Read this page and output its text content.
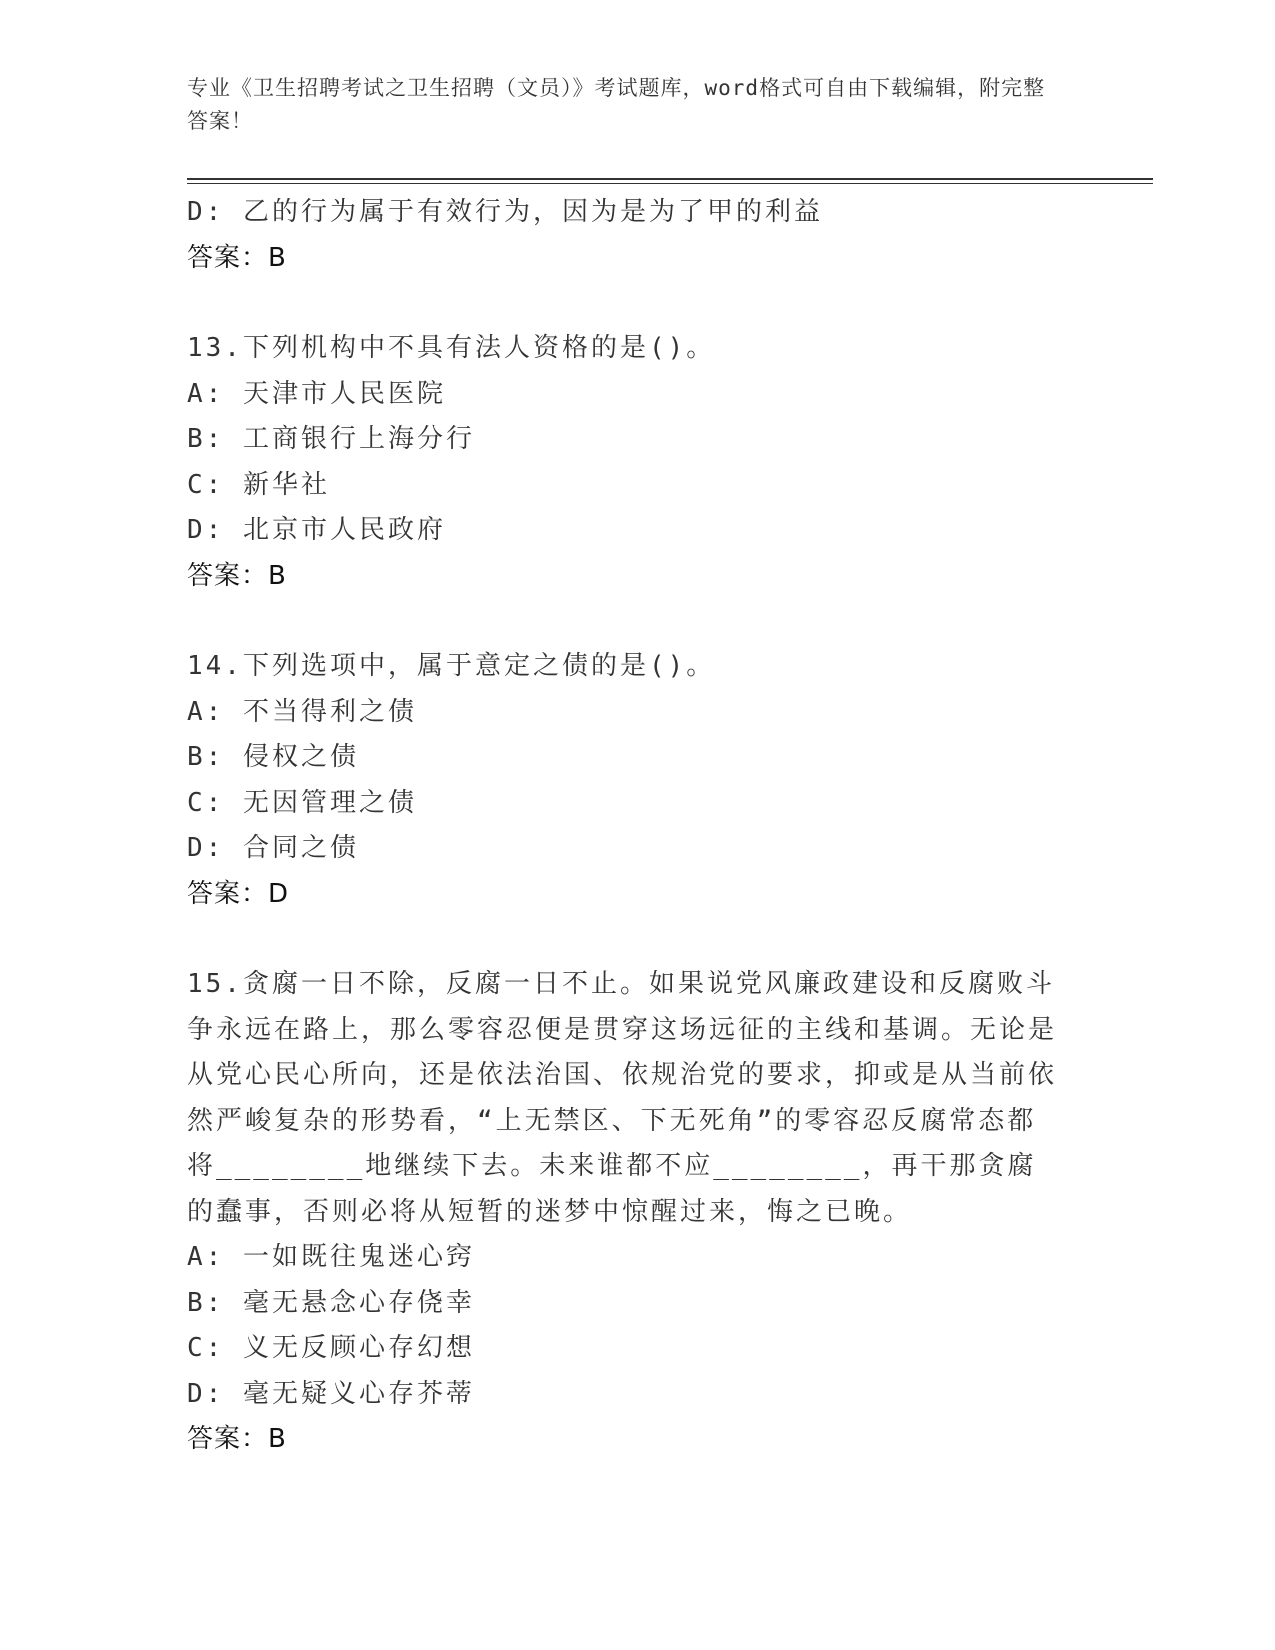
专业《卫生招聘考试之卫生招聘（文员）》考试题库，word格式可自由下载编辑，附完整答案！
D: 乙的行为属于有效行为，因为是为了甲的利益
答案：B
13.下列机构中不具有法人资格的是()。
A: 天津市人民医院
B: 工商银行上海分行
C: 新华社
D: 北京市人民政府
答案：B
14.下列选项中，属于意定之债的是()。
A: 不当得利之债
B: 侵权之债
C: 无因管理之债
D: 合同之债
答案：D
15.贪腐一日不除，反腐一日不止。如果说党风廉政建设和反腐败斗争永远在路上，那么零容忍便是贯穿这场远征的主线和基调。无论是从党心民心所向，还是依法治国、依规治党的要求，抑或是从当前依然严峻复杂的形势看，“上无禁区、下无死角”的零容忍反腐常态都将________地继续下去。未来谁都不应________，再干那贪腐的蠢事，否则必将从短暂的迷梦中惊醒过来，悔之已晚。
A: 一如既往鬼迷心窍
B: 毫无悬念心存侥幸
C: 义无反顾心存幻想
D: 毫无疑义心存芥蒂
答案：B
